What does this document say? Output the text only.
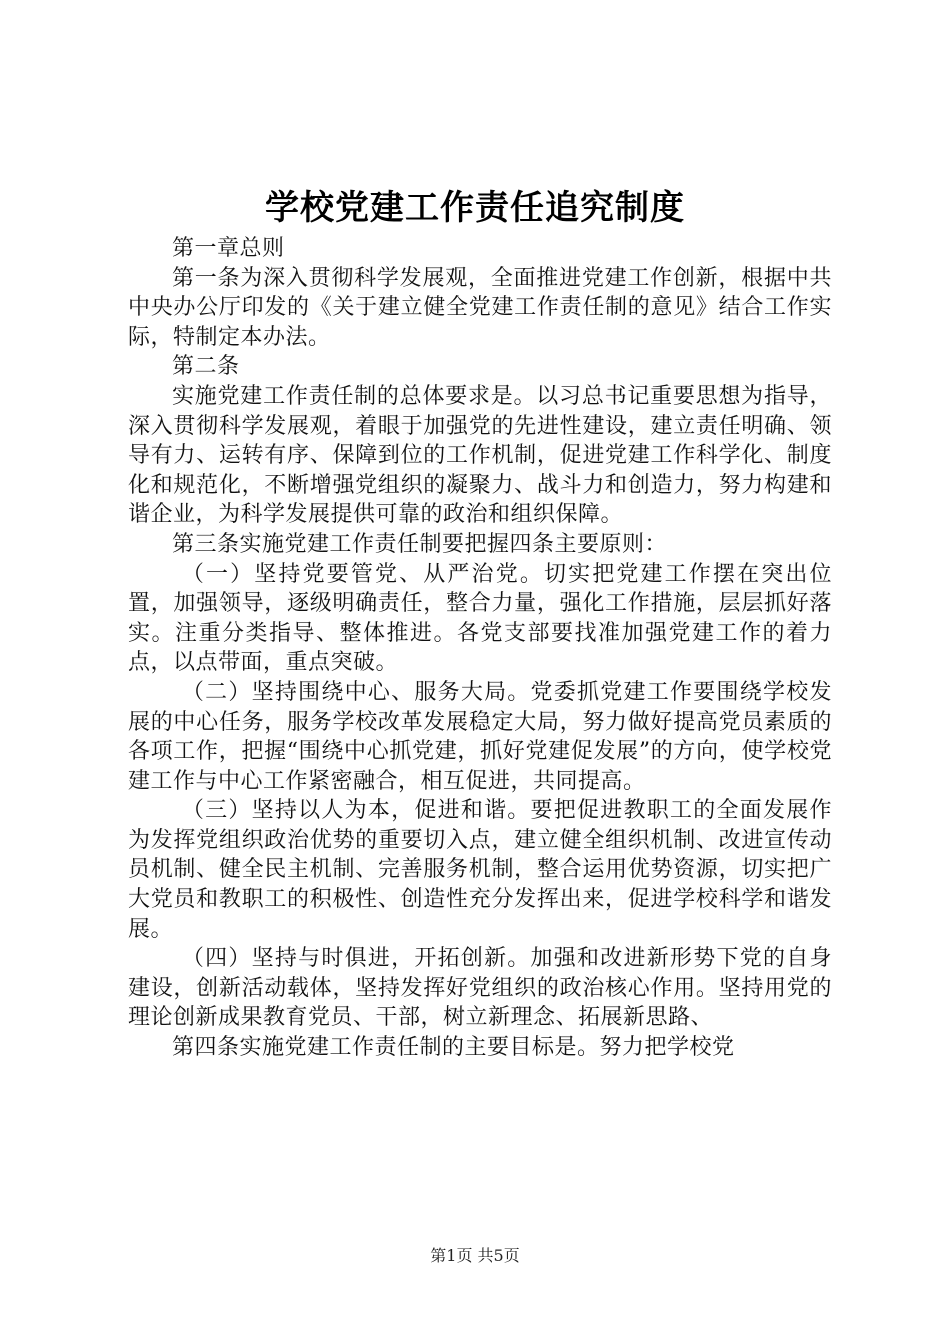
学校党建工作责任追究制度

第一章总则

第一条为深入贯彻科学发展观，全面推进党建工作创新，根据中共中央办公厅印发的《关于建立健全党建工作责任制的意见》结合工作实际，特制定本办法。

第二条

实施党建工作责任制的总体要求是。以习总书记重要思想为指导，深入贯彻科学发展观，着眼于加强党的先进性建设，建立责任明确、领导有力、运转有序、保障到位的工作机制，促进党建工作科学化、制度化和规范化，不断增强党组织的凝聚力、战斗力和创造力，努力构建和谐企业，为科学发展提供可靠的政治和组织保障。

第三条实施党建工作责任制要把握四条主要原则：

（一）坚持党要管党、从严治党。切实把党建工作摆在突出位置，加强领导，逐级明确责任，整合力量，强化工作措施，层层抓好落实。注重分类指导、整体推进。各党支部要找准加强党建工作的着力点，以点带面，重点突破。

（二）坚持围绕中心、服务大局。党委抓党建工作要围绕学校发展的中心任务，服务学校改革发展稳定大局，努力做好提高党员素质的各项工作，把握“围绕中心抓党建，抓好党建促发展”的方向，使学校党建工作与中心工作紧密融合，相互促进，共同提高。

（三）坚持以人为本，促进和谐。要把促进教职工的全面发展作为发挥党组织政治优势的重要切入点，建立健全组织机制、改进宣传动员机制、健全民主机制、完善服务机制，整合运用优势资源，切实把广大党员和教职工的积极性、创造性充分发挥出来，促进学校科学和谐发展。

（四）坚持与时俱进，开拓创新。加强和改进新形势下党的自身建设，创新活动载体，坚持发挥好党组织的政治核心作用。坚持用党的理论创新成果教育党员、干部，树立新理念、拓展新思路、

第四条实施党建工作责任制的主要目标是。努力把学校党

第1页 共5页
